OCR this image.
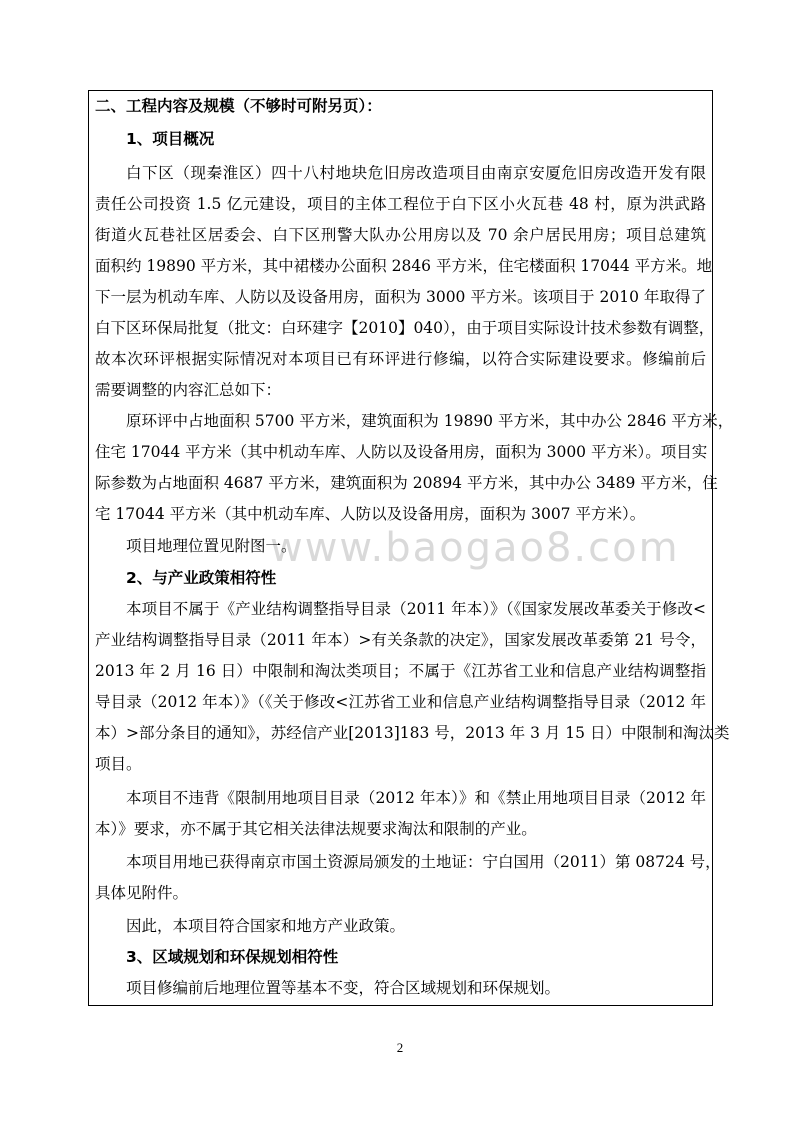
www.baogao8.com
二、工程内容及规模（不够时可附另页）：
1、项目概况
白下区（现秦淮区）四十八村地块危旧房改造项目由南京安厦危旧房改造开发有限
责任公司投资 1.5 亿元建设，项目的主体工程位于白下区小火瓦巷 48 村，原为洪武路
街道火瓦巷社区居委会、白下区刑警大队办公用房以及 70 余户居民用房；项目总建筑
面积约 19890 平方米，其中裙楼办公面积 2846 平方米，住宅楼面积 17044 平方米。地
下一层为机动车库、人防以及设备用房，面积为 3000 平方米。该项目于 2010 年取得了
白下区环保局批复（批文：白环建字【2010】040），由于项目实际设计技术参数有调整，
故本次环评根据实际情况对本项目已有环评进行修编，以符合实际建设要求。修编前后
需要调整的内容汇总如下：
原环评中占地面积 5700 平方米，建筑面积为 19890 平方米，其中办公 2846 平方米，
住宅 17044 平方米（其中机动车库、人防以及设备用房，面积为 3000 平方米）。项目实
际参数为占地面积 4687 平方米，建筑面积为 20894 平方米，其中办公 3489 平方米，住
宅 17044 平方米（其中机动车库、人防以及设备用房，面积为 3007 平方米）。
项目地理位置见附图一。
2、与产业政策相符性
本项目不属于《产业结构调整指导目录（2011 年本）》（《国家发展改革委关于修改<
产业结构调整指导目录（2011 年本）>有关条款的决定》，国家发展改革委第 21 号令，
2013 年 2 月 16 日）中限制和淘汰类项目；不属于《江苏省工业和信息产业结构调整指
导目录（2012 年本）》（《关于修改<江苏省工业和信息产业结构调整指导目录（2012 年
本）>部分条目的通知》，苏经信产业[2013]183 号，2013 年 3 月 15 日）中限制和淘汰类
项目。
本项目不违背《限制用地项目目录（2012 年本）》和《禁止用地项目目录（2012 年
本）》要求，亦不属于其它相关法律法规要求淘汰和限制的产业。
本项目用地已获得南京市国土资源局颁发的土地证：宁白国用（2011）第 08724 号，
具体见附件。
因此，本项目符合国家和地方产业政策。
3、区域规划和环保规划相符性
项目修编前后地理位置等基本不变，符合区域规划和环保规划。
2
